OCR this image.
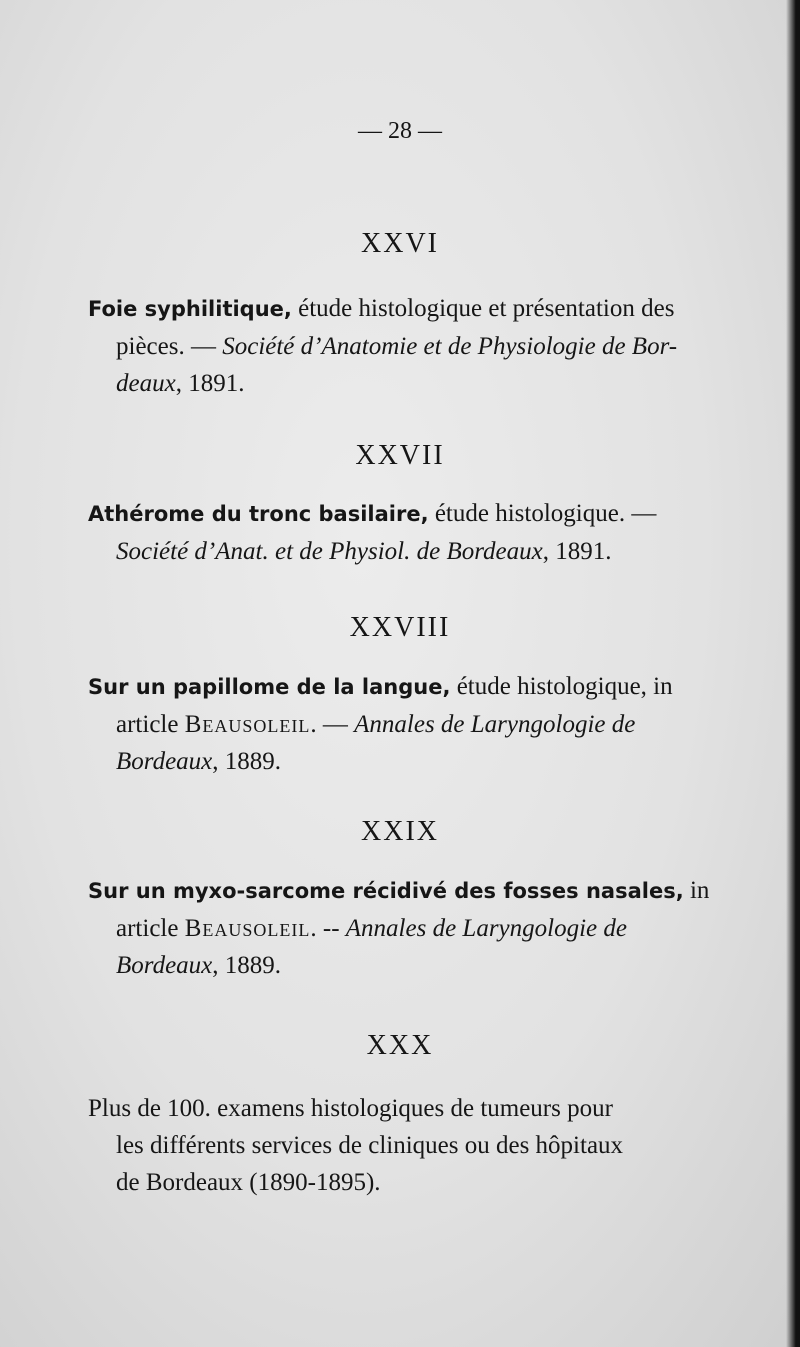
— 28 —
XXVI
Foie syphilitique, étude histologique et présentation des
pièces. — Société d’Anatomie et de Physiologie de Bor-
deaux, 1891.
XXVII
Athérome du tronc basilaire, étude histologique. —
Société d’Anat. et de Physiol. de Bordeaux, 1891.
XXVIII
Sur un papillome de la langue, étude histologique, in
article Beausoleil. — Annales de Laryngologie de
Bordeaux, 1889.
XXIX
Sur un myxo-sarcome récidivé des fosses nasales, in
article Beausoleil. -- Annales de Laryngologie de
Bordeaux, 1889.
XXX
Plus de 100. examens histologiques de tumeurs pour
les différents services de cliniques ou des hôpitaux
de Bordeaux (1890-1895).
